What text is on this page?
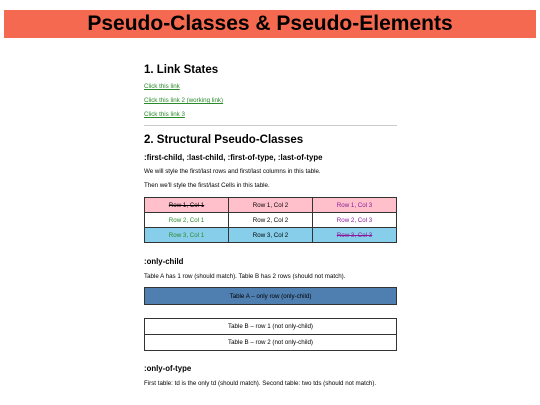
Pseudo-Classes & Pseudo-Elements
1. Link States
Click this link
Click this link 2 (working link)
Click this link 3
2. Structural Pseudo-Classes
:first-child, :last-child, :first-of-type, :last-of-type

We will style the first/last rows and first/last columns in this table.

Then we'll style the first/last Cells in this table.

Row 1, Col 1	Row 1, Col 2	Row 1, Col 3
Row 2, Col 1	Row 2, Col 2	Row 2, Col 3
Row 3, Col 1	Row 3, Col 2	Row 3, Col 3
:only-child

Table A has 1 row (should match). Table B has 2 rows (should not match).

Table A – only row (only-child)
Table B – row 1 (not only-child)
Table B – row 2 (not only-child)
:only-of-type

First table: td is the only td (should match). Second table: two tds (should not match).
